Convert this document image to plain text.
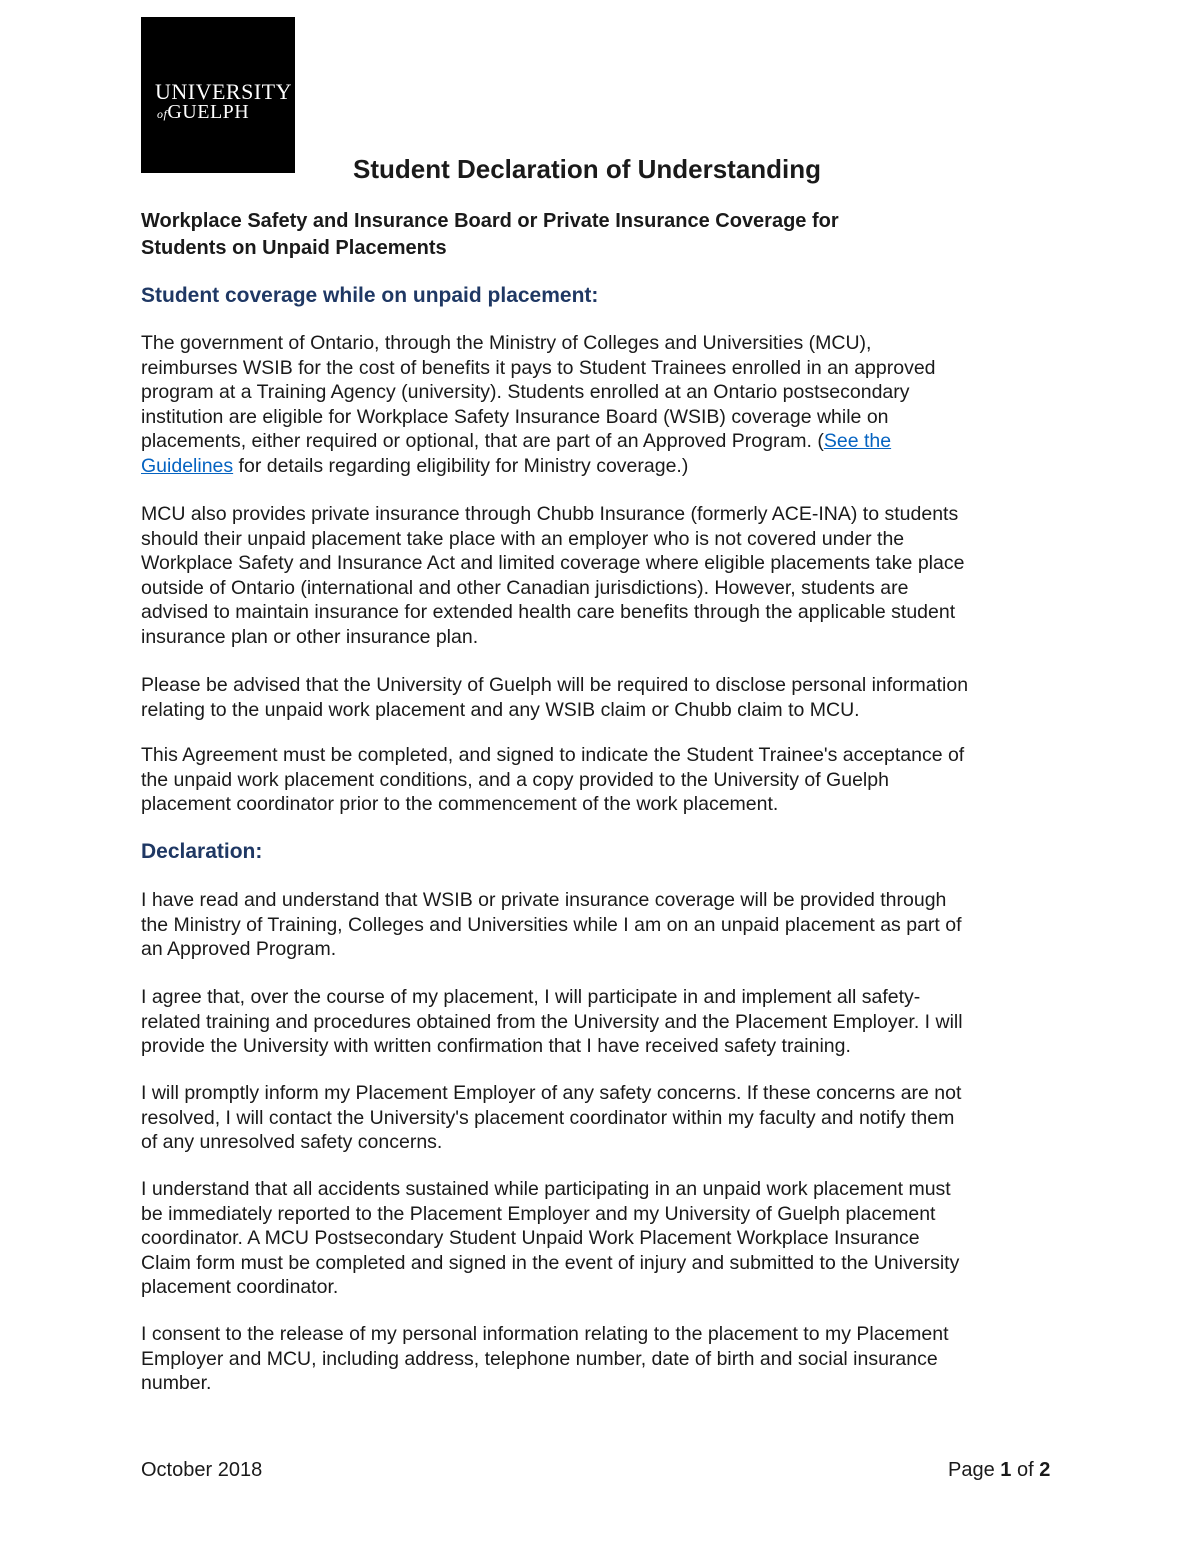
UNIVERSITY
ofGUELPH
Student Declaration of Understanding
Workplace Safety and Insurance Board or Private Insurance Coverage for
Students on Unpaid Placements
Student coverage while on unpaid placement:

The government of Ontario, through the Ministry of Colleges and Universities (MCU),
reimburses WSIB for the cost of benefits it pays to Student Trainees enrolled in an approved
program at a Training Agency (university). Students enrolled at an Ontario postsecondary
institution are eligible for Workplace Safety Insurance Board (WSIB) coverage while on
placements, either required or optional, that are part of an Approved Program. (See the
Guidelines for details regarding eligibility for Ministry coverage.)

MCU also provides private insurance through Chubb Insurance (formerly ACE-INA) to students
should their unpaid placement take place with an employer who is not covered under the
Workplace Safety and Insurance Act and limited coverage where eligible placements take place
outside of Ontario (international and other Canadian jurisdictions). However, students are
advised to maintain insurance for extended health care benefits through the applicable student
insurance plan or other insurance plan.

Please be advised that the University of Guelph will be required to disclose personal information
relating to the unpaid work placement and any WSIB claim or Chubb claim to MCU.

This Agreement must be completed, and signed to indicate the Student Trainee's acceptance of
the unpaid work placement conditions, and a copy provided to the University of Guelph
placement coordinator prior to the commencement of the work placement.

Declaration:

I have read and understand that WSIB or private insurance coverage will be provided through
the Ministry of Training, Colleges and Universities while I am on an unpaid placement as part of
an Approved Program.

I agree that, over the course of my placement, I will participate in and implement all safety-
related training and procedures obtained from the University and the Placement Employer. I will
provide the University with written confirmation that I have received safety training.

I will promptly inform my Placement Employer of any safety concerns. If these concerns are not
resolved, I will contact the University's placement coordinator within my faculty and notify them
of any unresolved safety concerns.

I understand that all accidents sustained while participating in an unpaid work placement must
be immediately reported to the Placement Employer and my University of Guelph placement
coordinator. A MCU Postsecondary Student Unpaid Work Placement Workplace Insurance
Claim form must be completed and signed in the event of injury and submitted to the University
placement coordinator.

I consent to the release of my personal information relating to the placement to my Placement
Employer and MCU, including address, telephone number, date of birth and social insurance
number.

October 2018	Page 1 of 2
